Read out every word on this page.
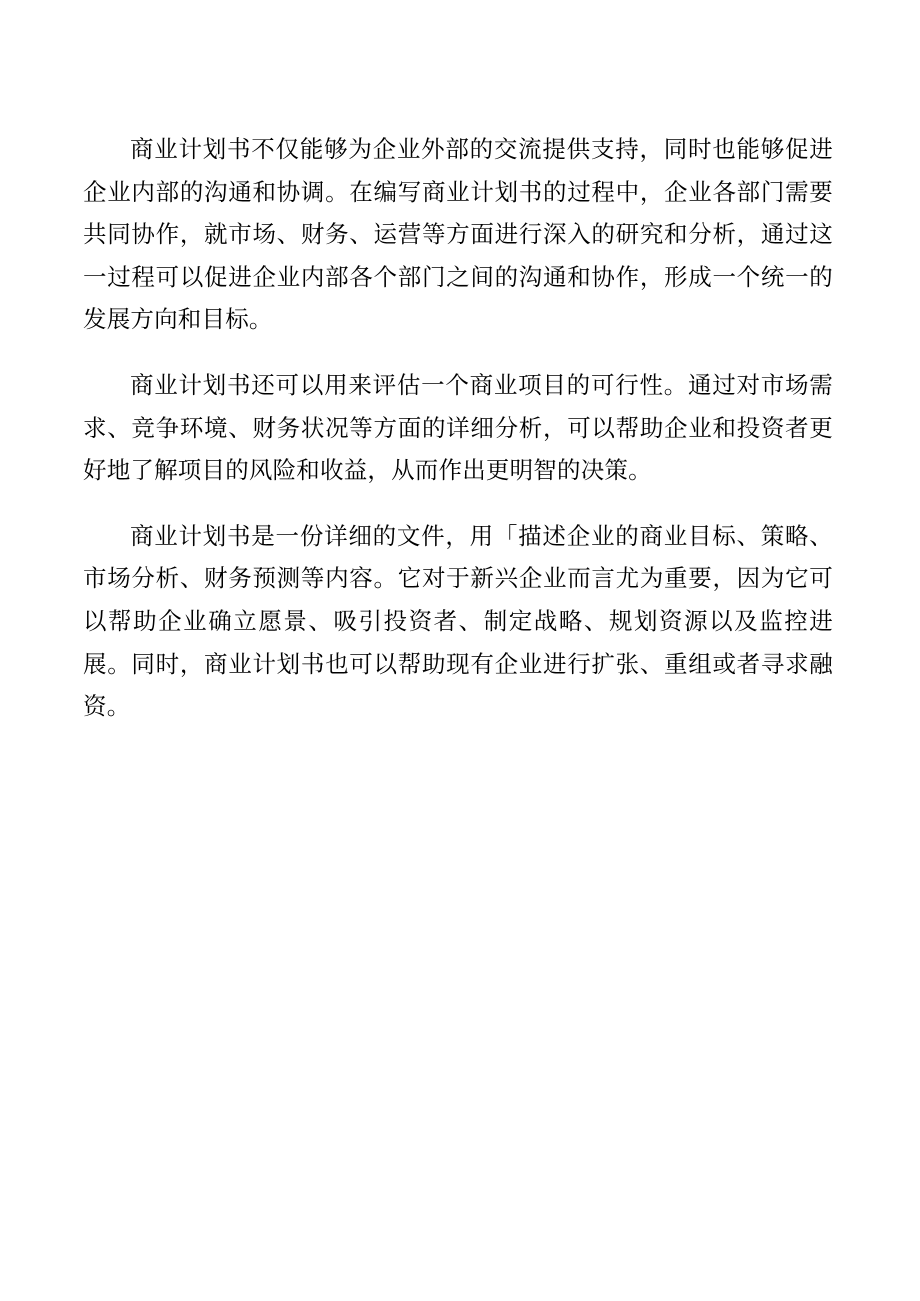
商业计划书不仅能够为企业外部的交流提供支持，同时也能够促进企业内部的沟通和协调。在编写商业计划书的过程中，企业各部门需要共同协作，就市场、财务、运营等方面进行深入的研究和分析，通过这一过程可以促进企业内部各个部门之间的沟通和协作，形成一个统一的发展方向和目标。

商业计划书还可以用来评估一个商业项目的可行性。通过对市场需求、竞争环境、财务状况等方面的详细分析，可以帮助企业和投资者更好地了解项目的风险和收益，从而作出更明智的决策。

商业计划书是一份详细的文件，用「描述企业的商业目标、策略、市场分析、财务预测等内容。它对于新兴企业而言尤为重要，因为它可以帮助企业确立愿景、吸引投资者、制定战略、规划资源以及监控进展。同时，商业计划书也可以帮助现有企业进行扩张、重组或者寻求融资。
